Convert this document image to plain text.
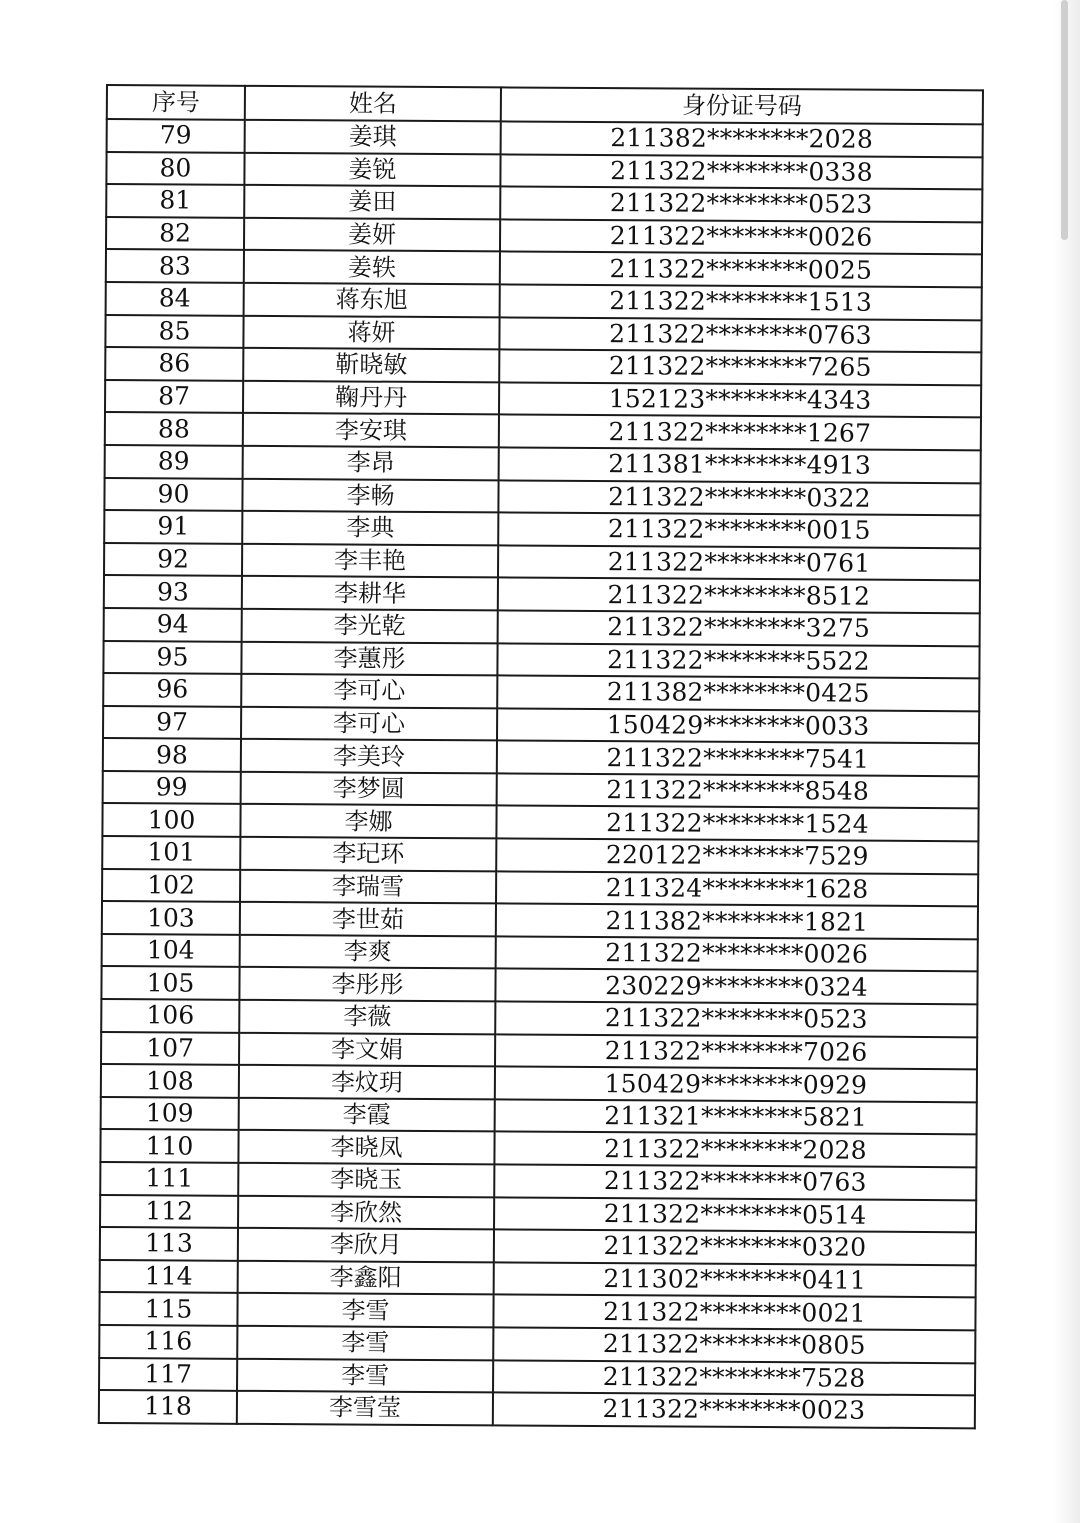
序号	姓名	身份证号码
79	姜琪	211382********2028
80	姜锐	211322********0338
81	姜田	211322********0523
82	姜妍	211322********0026
83	姜轶	211322********0025
84	蒋东旭	211322********1513
85	蒋妍	211322********0763
86	靳晓敏	211322********7265
87	鞠丹丹	152123********4343
88	李安琪	211322********1267
89	李昂	211381********4913
90	李畅	211322********0322
91	李典	211322********0015
92	李丰艳	211322********0761
93	李耕华	211322********8512
94	李光乾	211322********3275
95	李蕙彤	211322********5522
96	李可心	211382********0425
97	李可心	150429********0033
98	李美玲	211322********7541
99	李梦圆	211322********8548
100	李娜	211322********1524
101	李玘环	220122********7529
102	李瑞雪	211324********1628
103	李世茹	211382********1821
104	李爽	211322********0026
105	李彤彤	230229********0324
106	李薇	211322********0523
107	李文娟	211322********7026
108	李炆玥	150429********0929
109	李霞	211321********5821
110	李晓凤	211322********2028
111	李晓玉	211322********0763
112	李欣然	211322********0514
113	李欣月	211322********0320
114	李鑫阳	211302********0411
115	李雪	211322********0021
116	李雪	211322********0805
117	李雪	211322********7528
118	李雪莹	211322********0023
